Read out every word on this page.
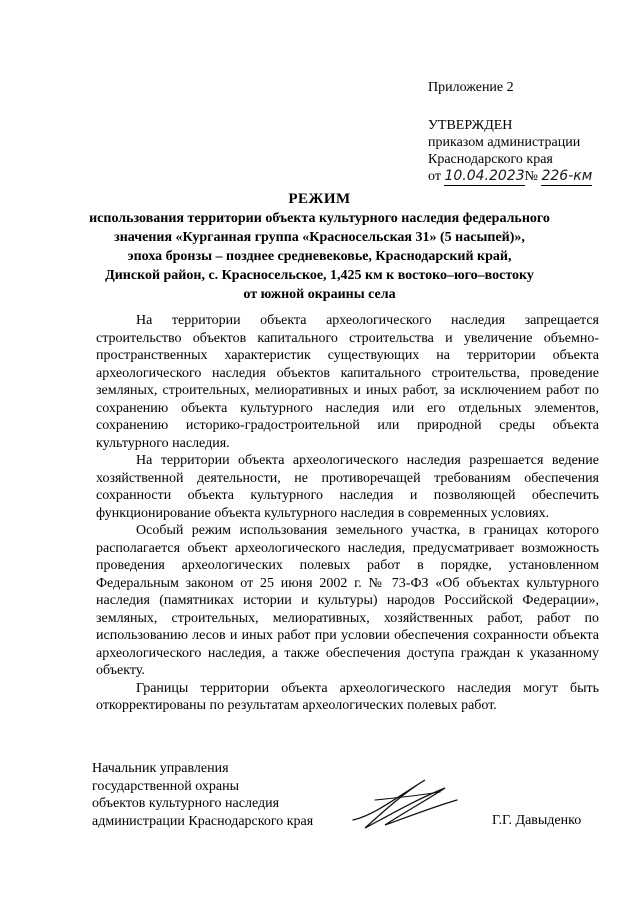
Приложение 2
УТВЕРЖДЕН
приказом администрации
Краснодарского края
от 10.04.2023№ 226-км
РЕЖИМ
использования территории объекта культурного наследия федерального
значения «Курганная группа «Красносельская 31» (5 насыпей)»,
эпоха бронзы – позднее средневековье, Краснодарский край,
Динской район, с. Красносельское, 1,425 км к востоко–юго–востоку
от южной окраины села

На территории объекта археологического наследия запрещается строительство объектов капитального строительства и увеличение объемно-пространственных характеристик существующих на территории объекта археологического наследия объектов капитального строительства, проведение земляных, строительных, мелиоративных и иных работ, за исключением работ по сохранению объекта культурного наследия или его отдельных элементов, сохранению историко-градостроительной или природной среды объекта культурного наследия.

На территории объекта археологического наследия разрешается ведение хозяйственной деятельности, не противоречащей требованиям обеспечения сохранности объекта культурного наследия и позволяющей обеспечить функционирование объекта культурного наследия в современных условиях.

Особый режим использования земельного участка, в границах которого располагается объект археологического наследия, предусматривает возможность проведения археологических полевых работ в порядке, установленном Федеральным законом от 25 июня 2002 г. № 73-ФЗ «Об объектах культурного наследия (памятниках истории и культуры) народов Российской Федерации», земляных, строительных, мелиоративных, хозяйственных работ, работ по использованию лесов и иных работ при условии обеспечения сохранности объекта археологического наследия, а также обеспечения доступа граждан к указанному объекту.

Границы территории объекта археологического наследия могут быть откорректированы по результатам археологических полевых работ.

Начальник управления
государственной охраны
объектов культурного наследия
администрации Краснодарского края	Г.Г. Давыденко
